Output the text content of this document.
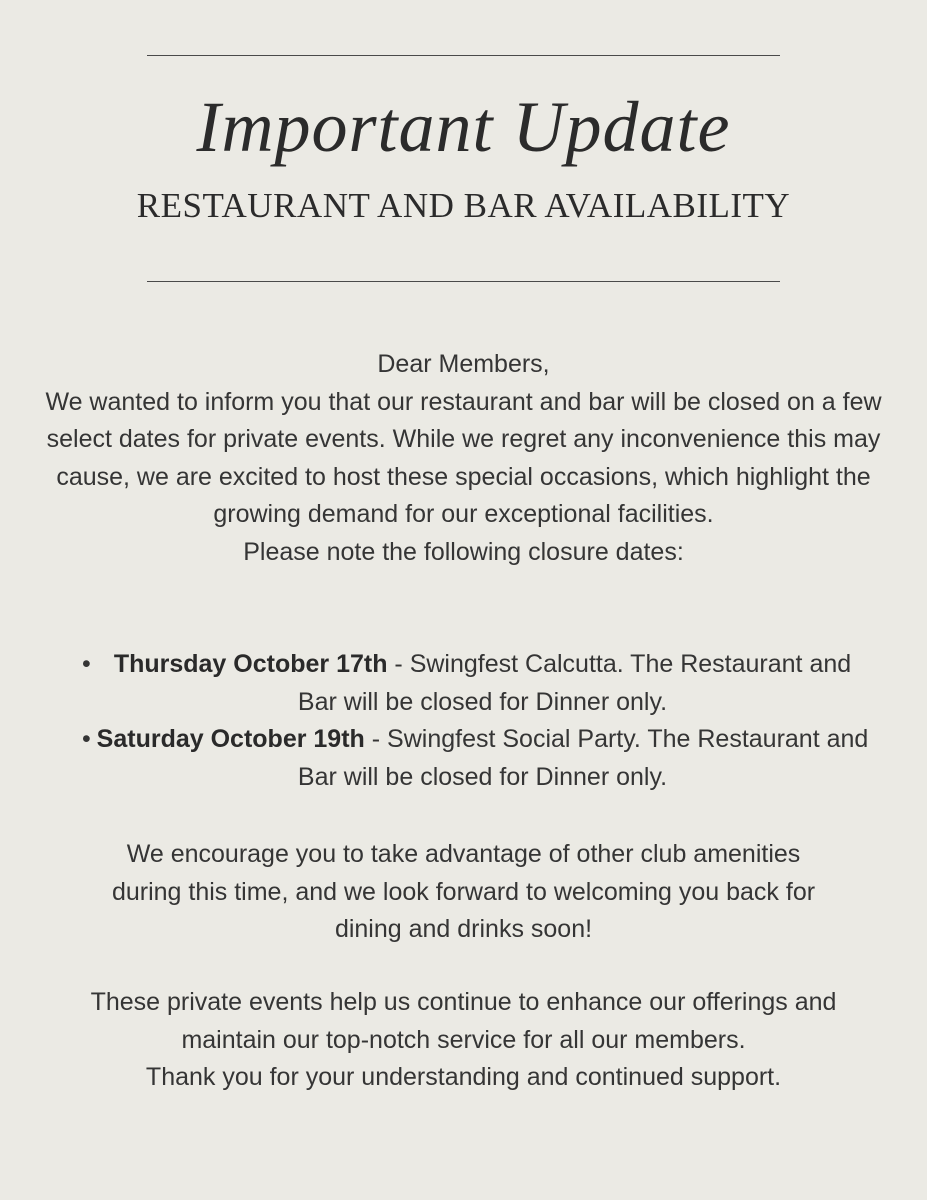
Important Update
RESTAURANT AND BAR AVAILABILITY

Dear Members,

We wanted to inform you that our restaurant and bar will be closed on a few select dates for private events. While we regret any inconvenience this may cause, we are excited to host these special occasions, which highlight the growing demand for our exceptional facilities.

Please note the following closure dates:

• Thursday October 17th - Swingfest Calcutta. The Restaurant and Bar will be closed for Dinner only.
• Saturday October 19th - Swingfest Social Party. The Restaurant and Bar will be closed for Dinner only.

We encourage you to take advantage of other club amenities during this time, and we look forward to welcoming you back for dining and drinks soon!

These private events help us continue to enhance our offerings and maintain our top-notch service for all our members.

Thank you for your understanding and continued support.
